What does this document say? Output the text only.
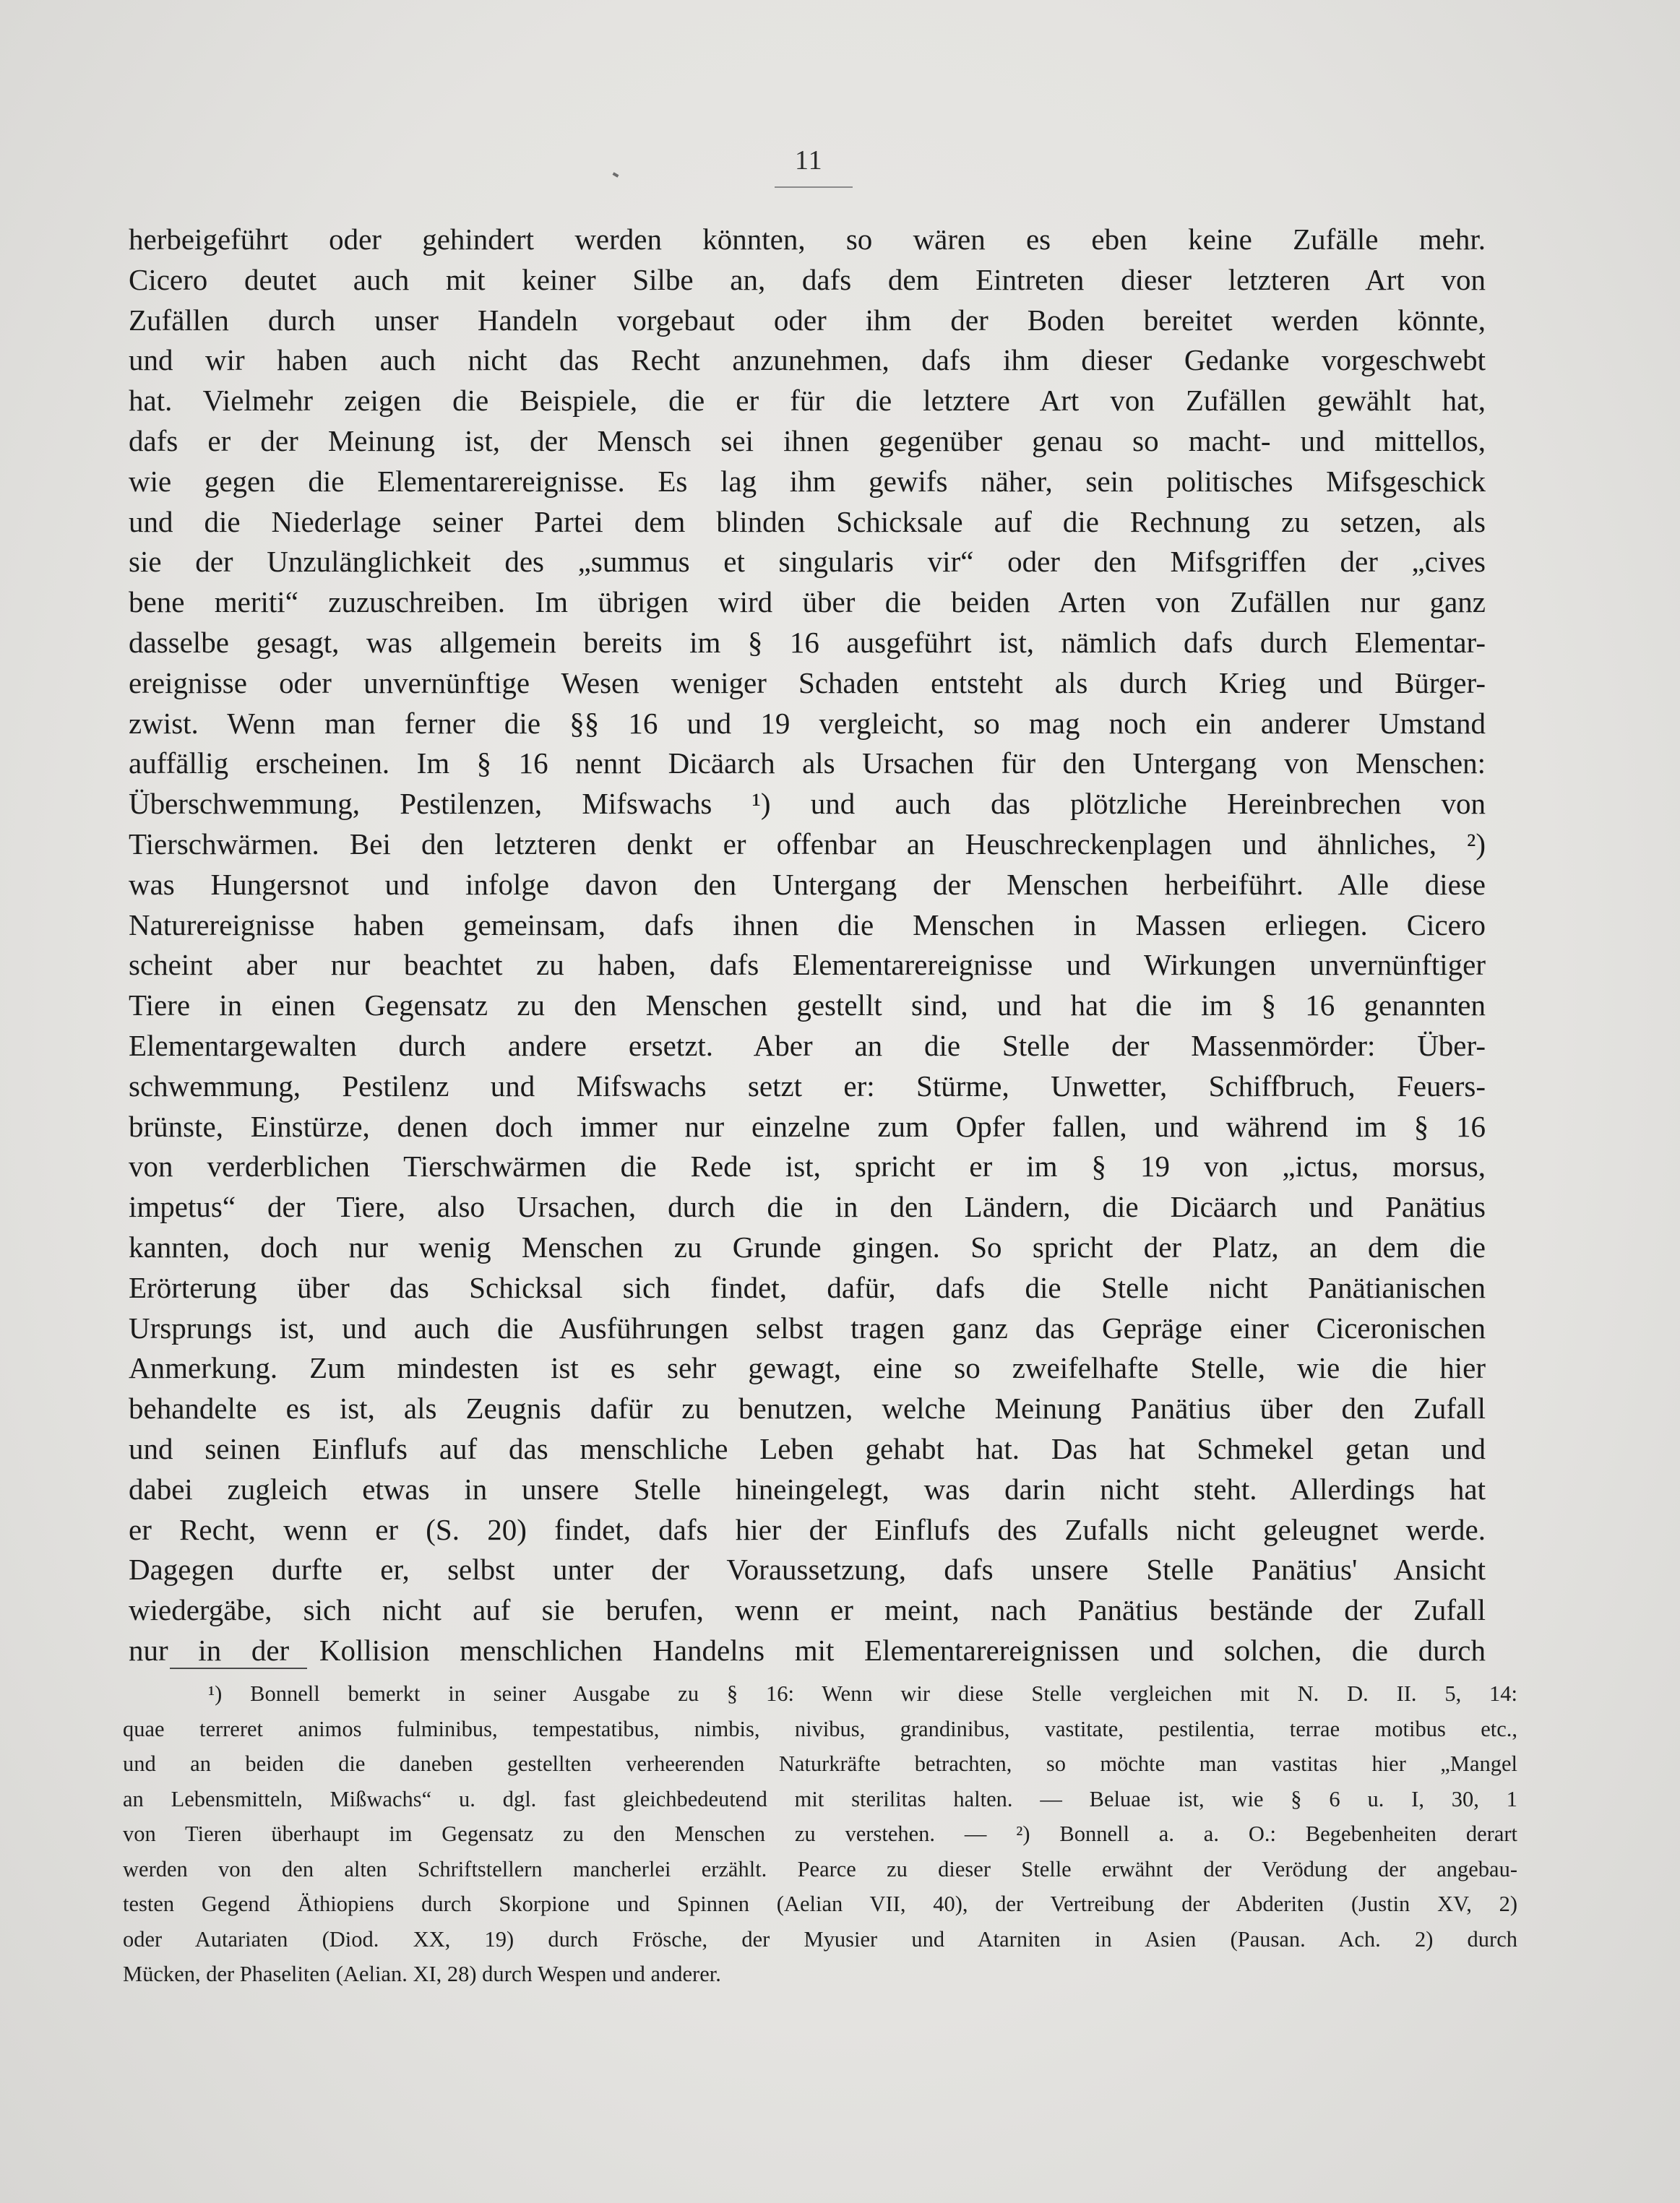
11
herbeigeführt oder gehindert werden könnten, so wären es eben keine Zufälle mehr.
Cicero deutet auch mit keiner Silbe an, dafs dem Eintreten dieser letzteren Art von
Zufällen durch unser Handeln vorgebaut oder ihm der Boden bereitet werden könnte,
und wir haben auch nicht das Recht anzunehmen, dafs ihm dieser Gedanke vorgeschwebt
hat. Vielmehr zeigen die Beispiele, die er für die letztere Art von Zufällen gewählt hat,
dafs er der Meinung ist, der Mensch sei ihnen gegenüber genau so macht- und mittellos,
wie gegen die Elementarereignisse. Es lag ihm gewifs näher, sein politisches Mifsgeschick
und die Niederlage seiner Partei dem blinden Schicksale auf die Rechnung zu setzen, als
sie der Unzulänglichkeit des „summus et singularis vir“ oder den Mifsgriffen der „cives
bene meriti“ zuzuschreiben. Im übrigen wird über die beiden Arten von Zufällen nur ganz
dasselbe gesagt, was allgemein bereits im § 16 ausgeführt ist, nämlich dafs durch Elementar-
ereignisse oder unvernünftige Wesen weniger Schaden entsteht als durch Krieg und Bürger-
zwist. Wenn man ferner die §§ 16 und 19 vergleicht, so mag noch ein anderer Umstand
auffällig erscheinen. Im § 16 nennt Dicäarch als Ursachen für den Untergang von Menschen:
Überschwemmung, Pestilenzen, Mifswachs ¹) und auch das plötzliche Hereinbrechen von
Tierschwärmen. Bei den letzteren denkt er offenbar an Heuschreckenplagen und ähnliches, ²)
was Hungersnot und infolge davon den Untergang der Menschen herbeiführt. Alle diese
Naturereignisse haben gemeinsam, dafs ihnen die Menschen in Massen erliegen. Cicero
scheint aber nur beachtet zu haben, dafs Elementarereignisse und Wirkungen unvernünftiger
Tiere in einen Gegensatz zu den Menschen gestellt sind, und hat die im § 16 genannten
Elementargewalten durch andere ersetzt. Aber an die Stelle der Massenmörder: Über-
schwemmung, Pestilenz und Mifswachs setzt er: Stürme, Unwetter, Schiffbruch, Feuers-
brünste, Einstürze, denen doch immer nur einzelne zum Opfer fallen, und während im § 16
von verderblichen Tierschwärmen die Rede ist, spricht er im § 19 von „ictus, morsus,
impetus“ der Tiere, also Ursachen, durch die in den Ländern, die Dicäarch und Panätius
kannten, doch nur wenig Menschen zu Grunde gingen. So spricht der Platz, an dem die
Erörterung über das Schicksal sich findet, dafür, dafs die Stelle nicht Panätianischen
Ursprungs ist, und auch die Ausführungen selbst tragen ganz das Gepräge einer Ciceronischen
Anmerkung. Zum mindesten ist es sehr gewagt, eine so zweifelhafte Stelle, wie die hier
behandelte es ist, als Zeugnis dafür zu benutzen, welche Meinung Panätius über den Zufall
und seinen Einflufs auf das menschliche Leben gehabt hat. Das hat Schmekel getan und
dabei zugleich etwas in unsere Stelle hineingelegt, was darin nicht steht. Allerdings hat
er Recht, wenn er (S. 20) findet, dafs hier der Einflufs des Zufalls nicht geleugnet werde.
Dagegen durfte er, selbst unter der Voraussetzung, dafs unsere Stelle Panätius' Ansicht
wiedergäbe, sich nicht auf sie berufen, wenn er meint, nach Panätius bestände der Zufall
nur in der Kollision menschlichen Handelns mit Elementarereignissen und solchen, die durch
¹) Bonnell bemerkt in seiner Ausgabe zu § 16: Wenn wir diese Stelle vergleichen mit N. D. II. 5, 14:
quae terreret animos fulminibus, tempestatibus, nimbis, nivibus, grandinibus, vastitate, pestilentia, terrae motibus etc.,
und an beiden die daneben gestellten verheerenden Naturkräfte betrachten, so möchte man vastitas hier „Mangel
an Lebensmitteln, Mißwachs“ u. dgl. fast gleichbedeutend mit sterilitas halten. — Beluae ist, wie § 6 u. I, 30, 1
von Tieren überhaupt im Gegensatz zu den Menschen zu verstehen. — ²) Bonnell a. a. O.: Begebenheiten derart
werden von den alten Schriftstellern mancherlei erzählt. Pearce zu dieser Stelle erwähnt der Verödung der angebau-
testen Gegend Äthiopiens durch Skorpione und Spinnen (Aelian VII, 40), der Vertreibung der Abderiten (Justin XV, 2)
oder Autariaten (Diod. XX, 19) durch Frösche, der Myusier und Atarniten in Asien (Pausan. Ach. 2) durch
Mücken, der Phaseliten (Aelian. XI, 28) durch Wespen und anderer.
